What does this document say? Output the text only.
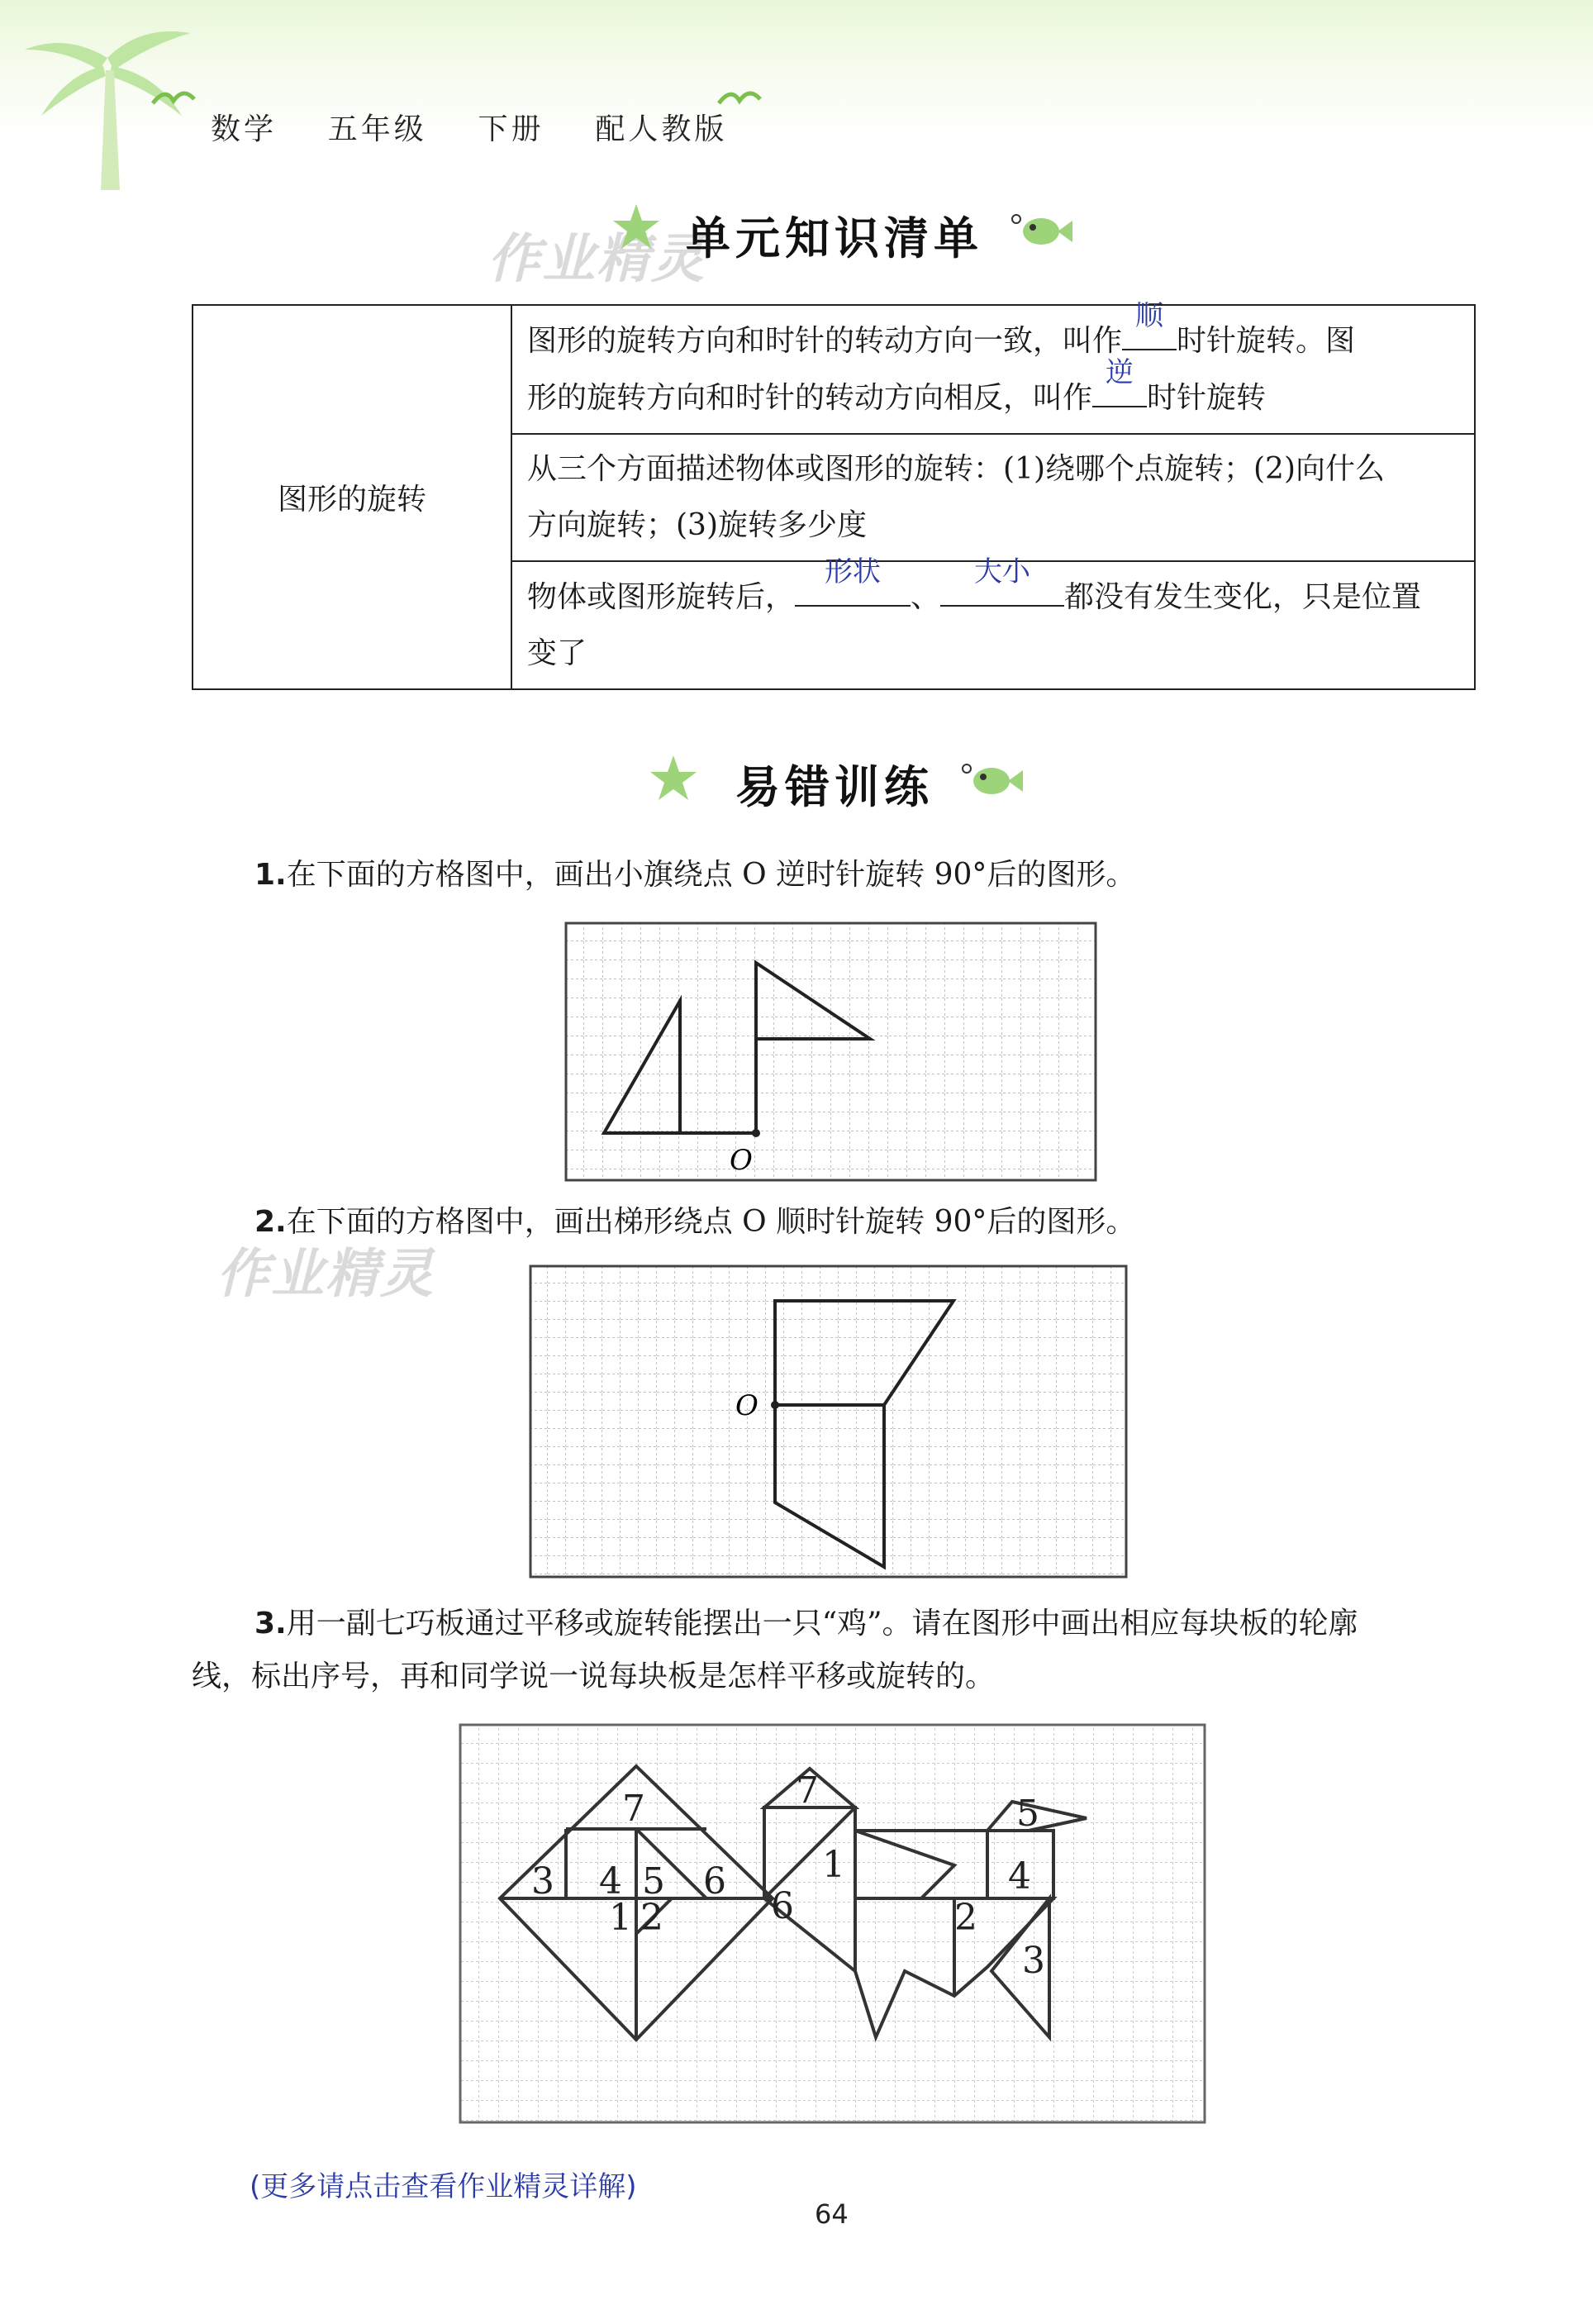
数学 五年级 下册 配人教版
作业精灵
单元知识清单
图形的旋转	图形的旋转方向和时针的转动方向一致，叫作
顺
时针旋转。图
形的旋转方向和时针的转动方向相反，叫作
逆
时针旋转
从三个方面描述物体或图形的旋转：(1)绕哪个点旋转；(2)向什么
方向旋转；(3)旋转多少度
物体或图形旋转后，
形状
、
大小
都没有发生变化，只是位置
变了
易错训练
1.在下面的方格图中，画出小旗绕点 O 逆时针旋转 90°后的图形。
O
作业精灵
2.在下面的方格图中，画出梯形绕点 O 顺时针旋转 90°后的图形。
O
3.用一副七巧板通过平移或旋转能摆出一只“鸡”。请在图形中画出相应每块板的轮廓
线，标出序号，再和同学说一说每块板是怎样平移或旋转的。
7
3 4 5 6
1 2
7
1
6	2
3
5
4
(更多请点击查看作业精灵详解)
64
